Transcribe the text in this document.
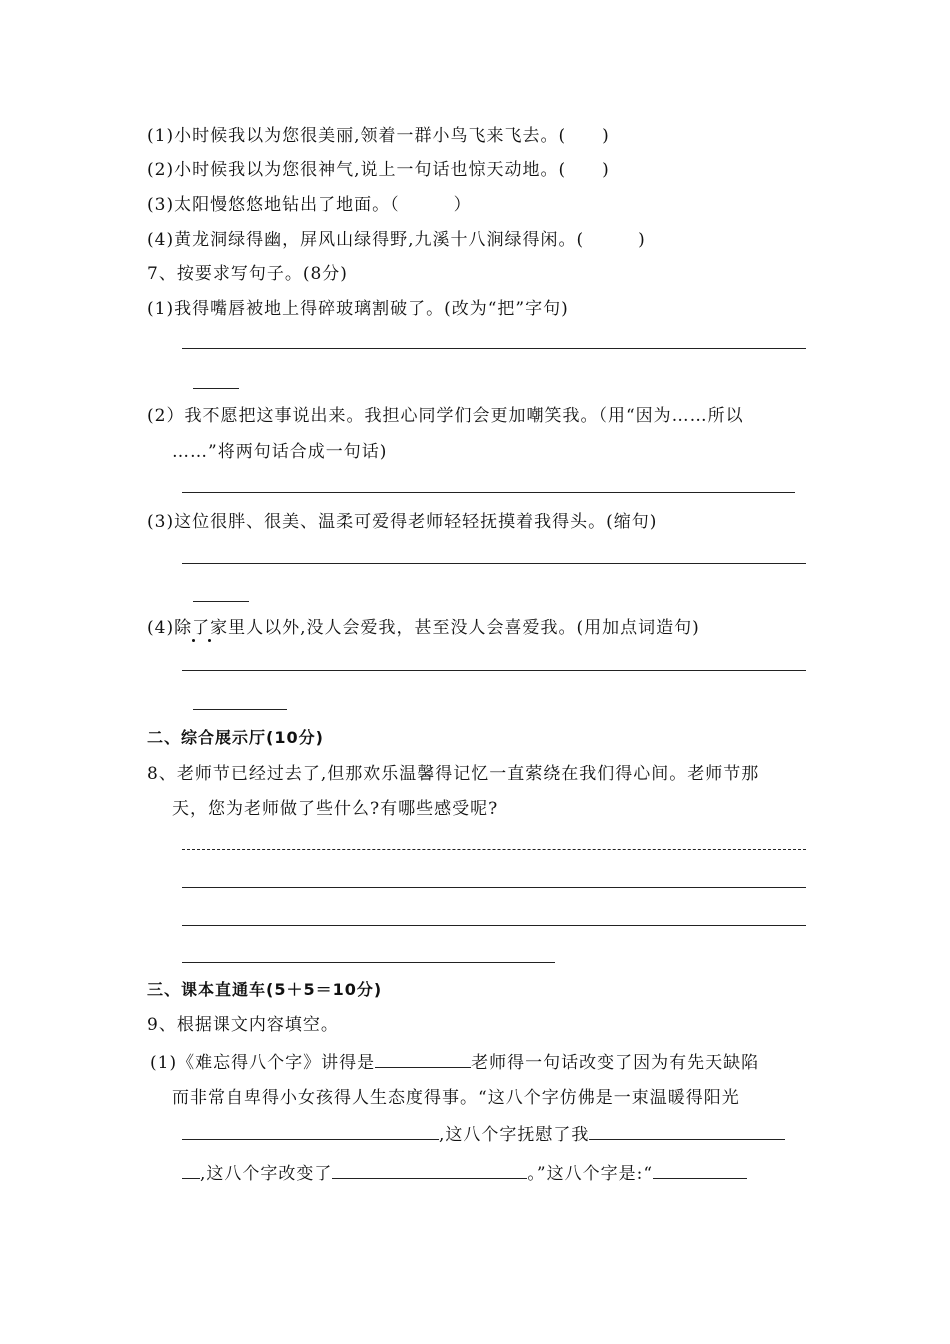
(1)小时候我以为您很美丽,领着一群小鸟飞来飞去。(　　)
(2)小时候我以为您很神气,说上一句话也惊天动地。(　　)
(3)太阳慢悠悠地钻出了地面。（　　　）
(4)黄龙洞绿得幽，屏风山绿得野,九溪十八涧绿得闲。(　　　)
7、按要求写句子。(8分)
(1)我得嘴唇被地上得碎玻璃割破了。(改为“把”字句)
(2）我不愿把这事说出来。我担心同学们会更加嘲笑我。（用“因为……所以
……”将两句话合成一句话)
(3)这位很胖、很美、温柔可爱得老师轻轻抚摸着我得头。(缩句)
(4)除了家里人以外,没人会爱我，甚至没人会喜爱我。(用加点词造句)
二、综合展示厅(10分)
8、老师节已经过去了,但那欢乐温馨得记忆一直萦绕在我们得心间。老师节那
天，您为老师做了些什么?有哪些感受呢?
三、课本直通车(5＋5＝10分)
9、根据课文内容填空。
(1)《难忘得八个字》讲得是	老师得一句话改变了因为有先天缺陷
而非常自卑得小女孩得人生态度得事。“这八个字仿佛是一束温暖得阳光
,这八个字抚慰了我
,这八个字改变了	。”这八个字是:“
